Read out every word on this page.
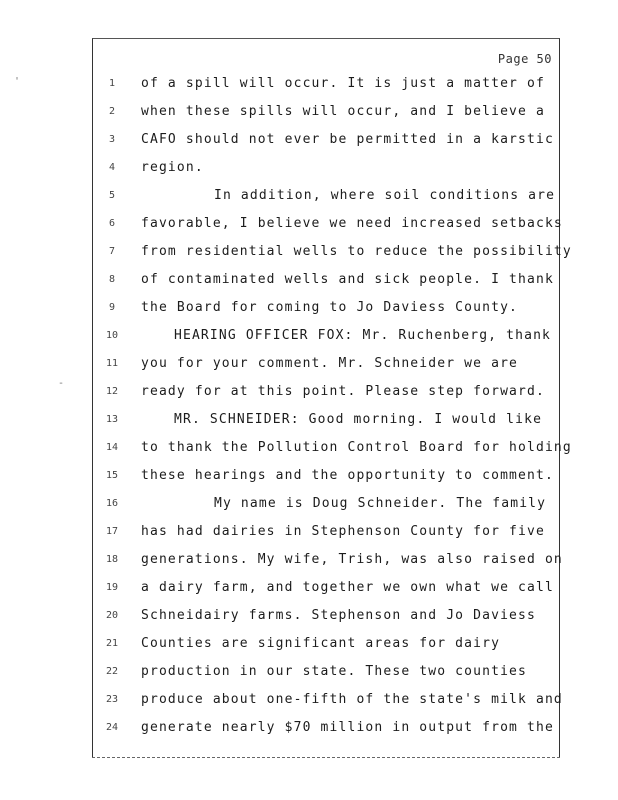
'
-
Page 50
1	of a spill will occur. It is just a matter of
2	when these spills will occur, and I believe a
3	CAFO should not ever be permitted in a karstic
4	region.
5	In addition, where soil conditions are
6	favorable, I believe we need increased setbacks
7	from residential wells to reduce the possibility
8	of contaminated wells and sick people. I thank
9	the Board for coming to Jo Daviess County.
10	HEARING OFFICER FOX: Mr. Ruchenberg, thank
11	you for your comment. Mr. Schneider we are
12	ready for at this point. Please step forward.
13	MR. SCHNEIDER: Good morning. I would like
14	to thank the Pollution Control Board for holding
15	these hearings and the opportunity to comment.
16	My name is Doug Schneider. The family
17	has had dairies in Stephenson County for five
18	generations. My wife, Trish, was also raised on
19	a dairy farm, and together we own what we call
20	Schneidairy farms. Stephenson and Jo Daviess
21	Counties are significant areas for dairy
22	production in our state. These two counties
23	produce about one-fifth of the state's milk and
24	generate nearly $70 million in output from the
